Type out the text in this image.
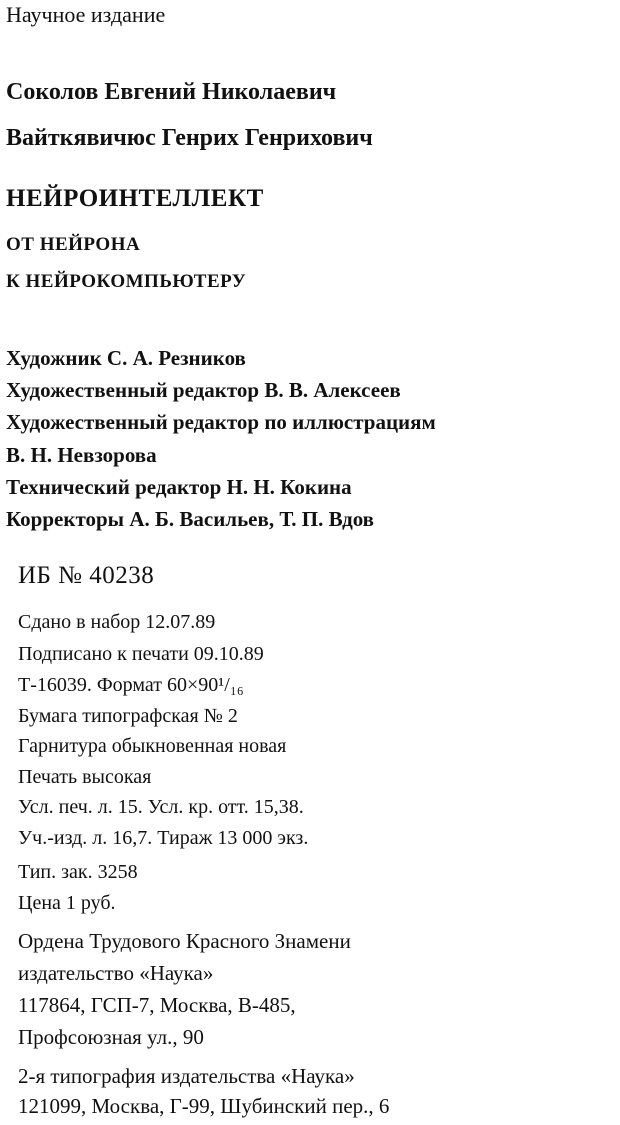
Научное издание
Соколов Евгений Николаевич
Вайткявичюс Генрих Генрихович
НЕЙРОИНТЕЛЛЕКТ
ОТ НЕЙРОНА
К НЕЙРОКОМПЬЮТЕРУ
Художник С. А. Резников
Художественный редактор В. В. Алексеев
Художественный редактор по иллюстрациям
В. Н. Невзорова
Технический редактор Н. Н. Кокина
Корректоры А. Б. Васильев, Т. П. Вдов
ИБ № 40238
Сдано в набор 12.07.89
Подписано к печати 09.10.89
Т-16039. Формат 60×90¹/₁₆
Бумага типографская № 2
Гарнитура обыкновенная новая
Печать высокая
Усл. печ. л. 15. Усл. кр. отт. 15,38.
Уч.-изд. л. 16,7. Тираж 13 000 экз.
Тип. зак. 3258
Цена 1 руб.
Ордена Трудового Красного Знамени
издательство «Наука»
117864, ГСП-7, Москва, В-485,
Профсоюзная ул., 90
2-я типография издательства «Наука»
121099, Москва, Г-99, Шубинский пер., 6
